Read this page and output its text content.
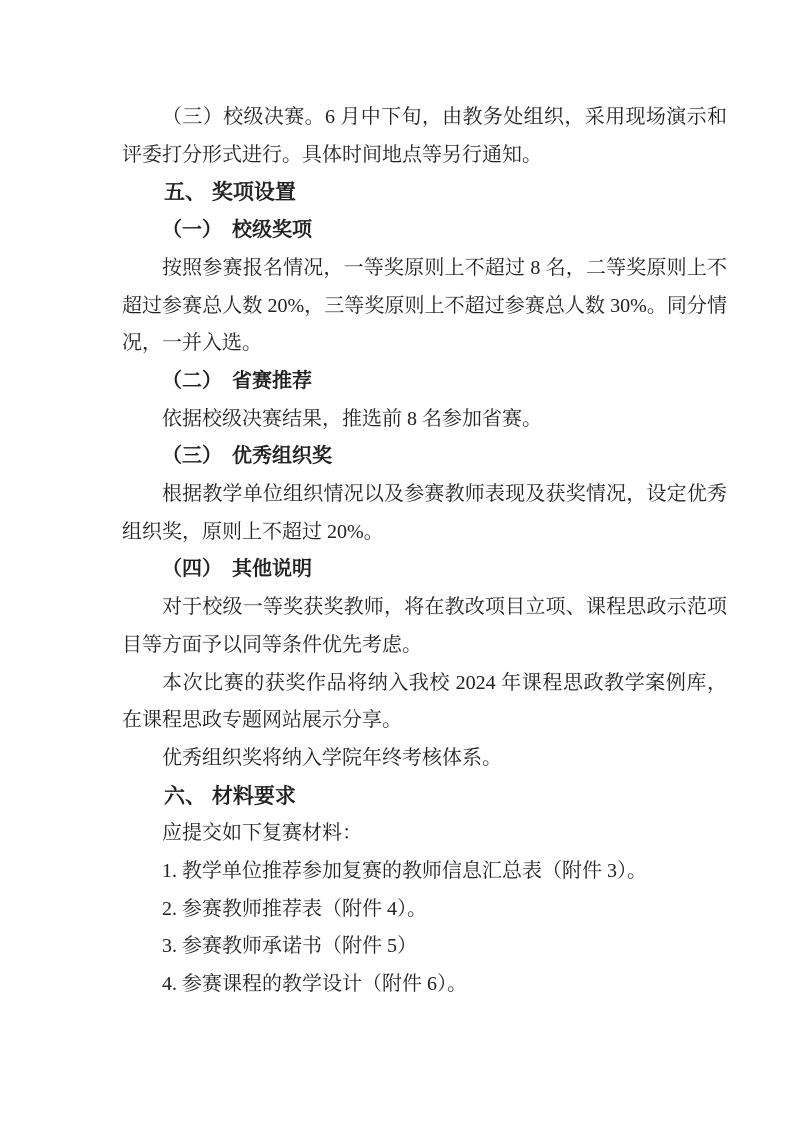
（三）校级决赛。6 月中下旬，由教务处组织，采用现场演示和评委打分形式进行。具体时间地点等另行通知。

五、 奖项设置

（一）　校级奖项

按照参赛报名情况，一等奖原则上不超过 8 名，二等奖原则上不超过参赛总人数 20%，三等奖原则上不超过参赛总人数 30%。同分情况，一并入选。

（二）　省赛推荐

依据校级决赛结果，推选前 8 名参加省赛。

（三）　优秀组织奖

根据教学单位组织情况以及参赛教师表现及获奖情况，设定优秀组织奖，原则上不超过 20%。

（四）　其他说明

对于校级一等奖获奖教师，将在教改项目立项、课程思政示范项目等方面予以同等条件优先考虑。

本次比赛的获奖作品将纳入我校 2024 年课程思政教学案例库，在课程思政专题网站展示分享。

优秀组织奖将纳入学院年终考核体系。

六、 材料要求

应提交如下复赛材料：

1. 教学单位推荐参加复赛的教师信息汇总表（附件 3）。

2. 参赛教师推荐表（附件 4）。

3. 参赛教师承诺书（附件 5）

4. 参赛课程的教学设计（附件 6）。
